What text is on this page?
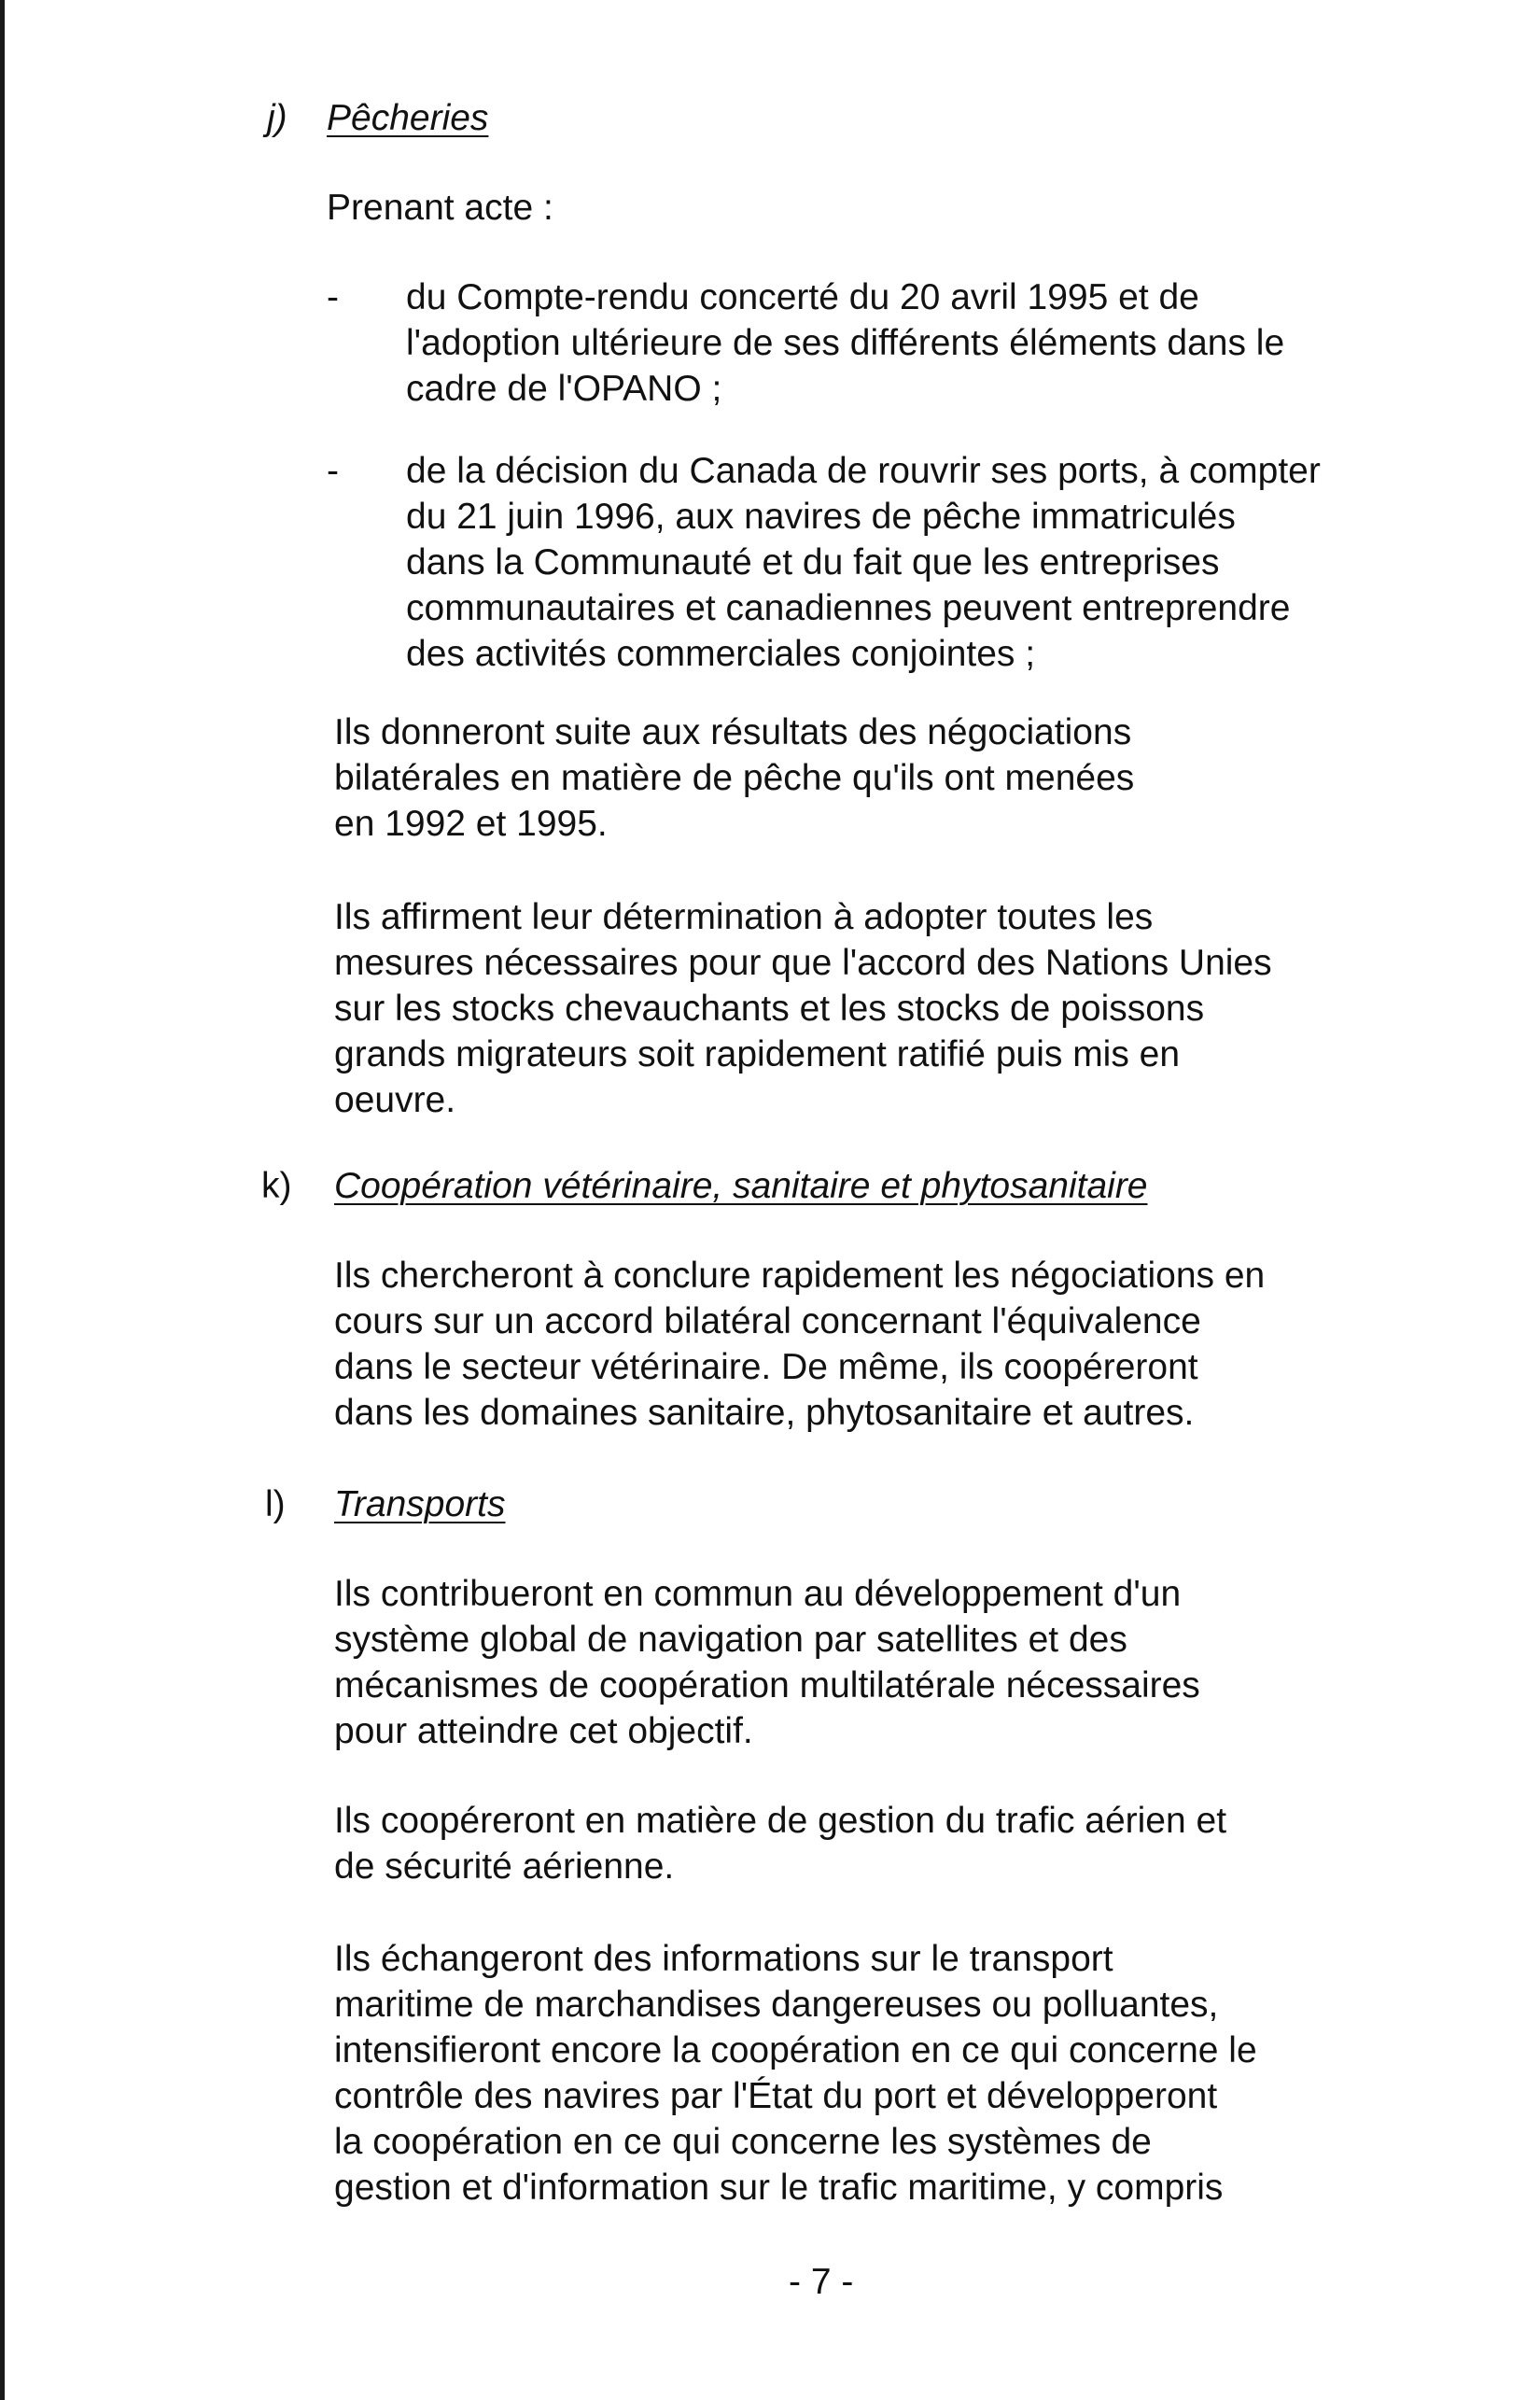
j) Pêcheries

Prenant acte :

- du Compte-rendu concerté du 20 avril 1995 et de
l'adoption ultérieure de ses différents éléments dans le
cadre de l'OPANO ;

- de la décision du Canada de rouvrir ses ports, à compter
du 21 juin 1996, aux navires de pêche immatriculés
dans la Communauté et du fait que les entreprises
communautaires et canadiennes peuvent entreprendre
des activités commerciales conjointes ;

Ils donneront suite aux résultats des négociations
bilatérales en matière de pêche qu'ils ont menées
en 1992 et 1995.

Ils affirment leur détermination à adopter toutes les
mesures nécessaires pour que l'accord des Nations Unies
sur les stocks chevauchants et les stocks de poissons
grands migrateurs soit rapidement ratifié puis mis en
oeuvre.

k) Coopération vétérinaire, sanitaire et phytosanitaire

Ils chercheront à conclure rapidement les négociations en
cours sur un accord bilatéral concernant l'équivalence
dans le secteur vétérinaire. De même, ils coopéreront
dans les domaines sanitaire, phytosanitaire et autres.

l) Transports

Ils contribueront en commun au développement d'un
système global de navigation par satellites et des
mécanismes de coopération multilatérale nécessaires
pour atteindre cet objectif.

Ils coopéreront en matière de gestion du trafic aérien et
de sécurité aérienne.

Ils échangeront des informations sur le transport
maritime de marchandises dangereuses ou polluantes,
intensifieront encore la coopération en ce qui concerne le
contrôle des navires par l'État du port et développeront
la coopération en ce qui concerne les systèmes de
gestion et d'information sur le trafic maritime, y compris

- 7 -
